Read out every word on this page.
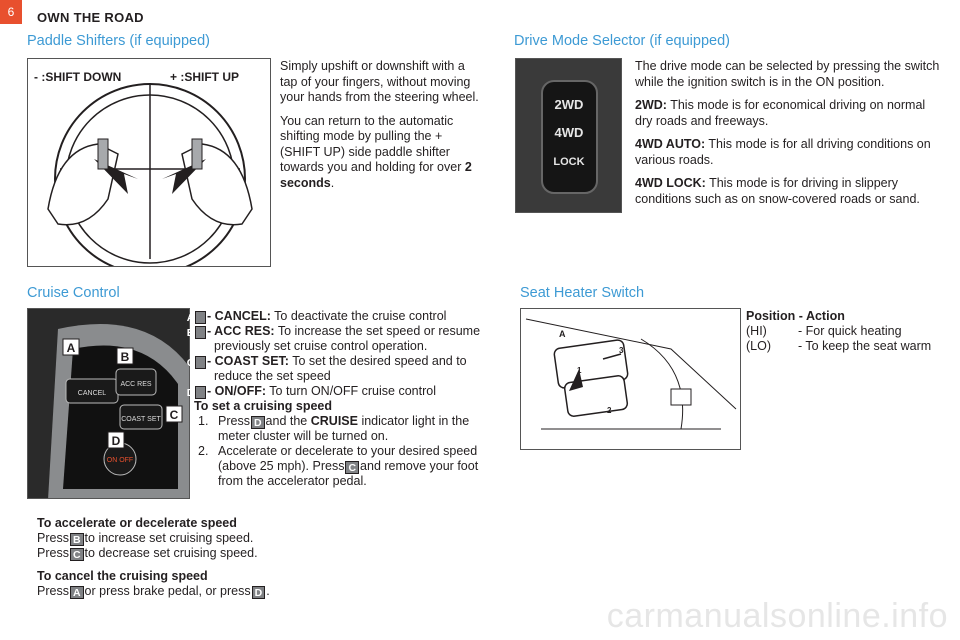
6	OWN THE ROAD
Paddle Shifters (if equipped)
- :SHIFT DOWN	+ :SHIFT UP

Simply upshift or downshift with a tap of your fingers, without moving your hands from the steering wheel.

You can return to the automatic shifting mode by pulling the + (SHIFT UP) side paddle shifter towards you and holding for over 2 seconds.

Drive Mode Selector (if equipped)
2WD
4WD
LOCK

The drive mode can be selected by pressing the switch while the ignition switch is in the ON position.

2WD: This mode is for economical driving on normal dry roads and freeways.

4WD AUTO: This mode is for all driving conditions on various roads.

4WD LOCK: This mode is for driving in slippery conditions such as on snow-covered roads or sand.

Cruise Control
CANCEL
ACC RES
COAST SET
ON OFF
A
B
C
D
A - CANCEL: To deactivate the cruise control
B - ACC RES: To increase the set speed or resume previously set cruise control operation.
C - COAST SET: To set the desired speed and to reduce the set speed
D - ON/OFF: To turn ON/OFF cruise control
To set a cruising speed
1. Press D and the CRUISE indicator light in the meter cluster will be turned on.
2. Accelerate or decelerate to your desired speed (above 25 mph). Press C and remove your foot from the accelerator pedal.
To accelerate or decelerate speed
Press B to increase set cruising speed.
Press C to decrease set cruising speed.
To cancel the cruising speed
Press A or press brake pedal, or press D .
Seat Heater Switch
A
1
2
3
Position - Action
(HI)	- For quick heating
(LO)	- To keep the seat warm
carmanualsonline.info
